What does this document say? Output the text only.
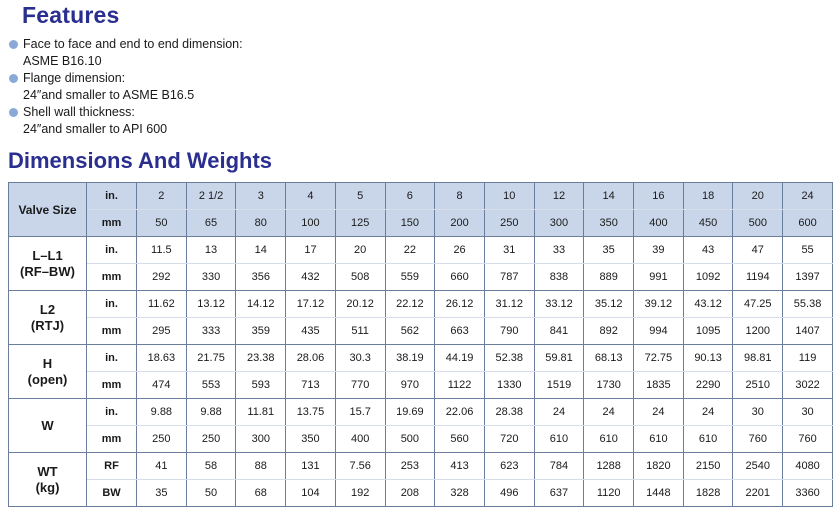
Features
Face to face and end to end dimension:
ASME B16.10
Flange dimension:
24″and smaller to ASME B16.5
Shell wall thickness:
24″and smaller to API 600
Dimensions And Weights
Valve Size	in.	2	2 1/2	3	4	5	6	8	10	12	14	16	18	20	24
	mm	50	65	80	100	125	150	200	250	300	350	400	450	500	600

L–L1
(RF–BW)	in.	11.5	13	14	17	20	22	26	31	33	35	39	43	47	55
	mm	292	330	356	432	508	559	660	787	838	889	991	1092	1194	1397

L2
(RTJ)	in.	11.62	13.12	14.12	17.12	20.12	22.12	26.12	31.12	33.12	35.12	39.12	43.12	47.25	55.38
	mm	295	333	359	435	511	562	663	790	841	892	994	1095	1200	1407

H
(open)	in.	18.63	21.75	23.38	28.06	30.3	38.19	44.19	52.38	59.81	68.13	72.75	90.13	98.81	119
	mm	474	553	593	713	770	970	1122	1330	1519	1730	1835	2290	2510	3022

W	in.	9.88	9.88	11.81	13.75	15.7	19.69	22.06	28.38	24	24	24	24	30	30
	mm	250	250	300	350	400	500	560	720	610	610	610	610	760	760

WT
(kg)	RF	41	58	88	131	7.56	253	413	623	784	1288	1820	2150	2540	4080
	BW	35	50	68	104	192	208	328	496	637	1120	1448	1828	2201	3360
